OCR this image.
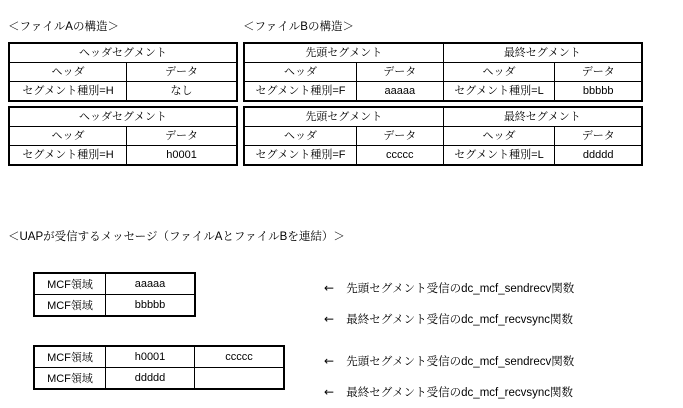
＜ファイルAの構造＞	＜ファイルBの構造＞
ヘッダセグメント	
ヘッダ	データ
セグメント種別=H	なし
ヘッダセグメント	
ヘッダ	データ
セグメント種別=H	h0001
先頭セグメント		最終セグメント	
ヘッダ	データ	ヘッダ	データ
セグメント種別=F	aaaaa	セグメント種別=L	bbbbb
先頭セグメント		最終セグメント	
ヘッダ	データ	ヘッダ	データ
セグメント種別=F	ccccc	セグメント種別=L	ddddd
＜UAPが受信するメッセージ（ファイルAとファイルBを連結）＞
MCF領域	aaaaa
MCF領域	bbbbb
← 先頭セグメント受信のdc_mcf_sendrecv関数
← 最終セグメント受信のdc_mcf_recvsync関数
MCF領域	h0001	ccccc
MCF領域	ddddd	
← 先頭セグメント受信のdc_mcf_sendrecv関数
← 最終セグメント受信のdc_mcf_recvsync関数
